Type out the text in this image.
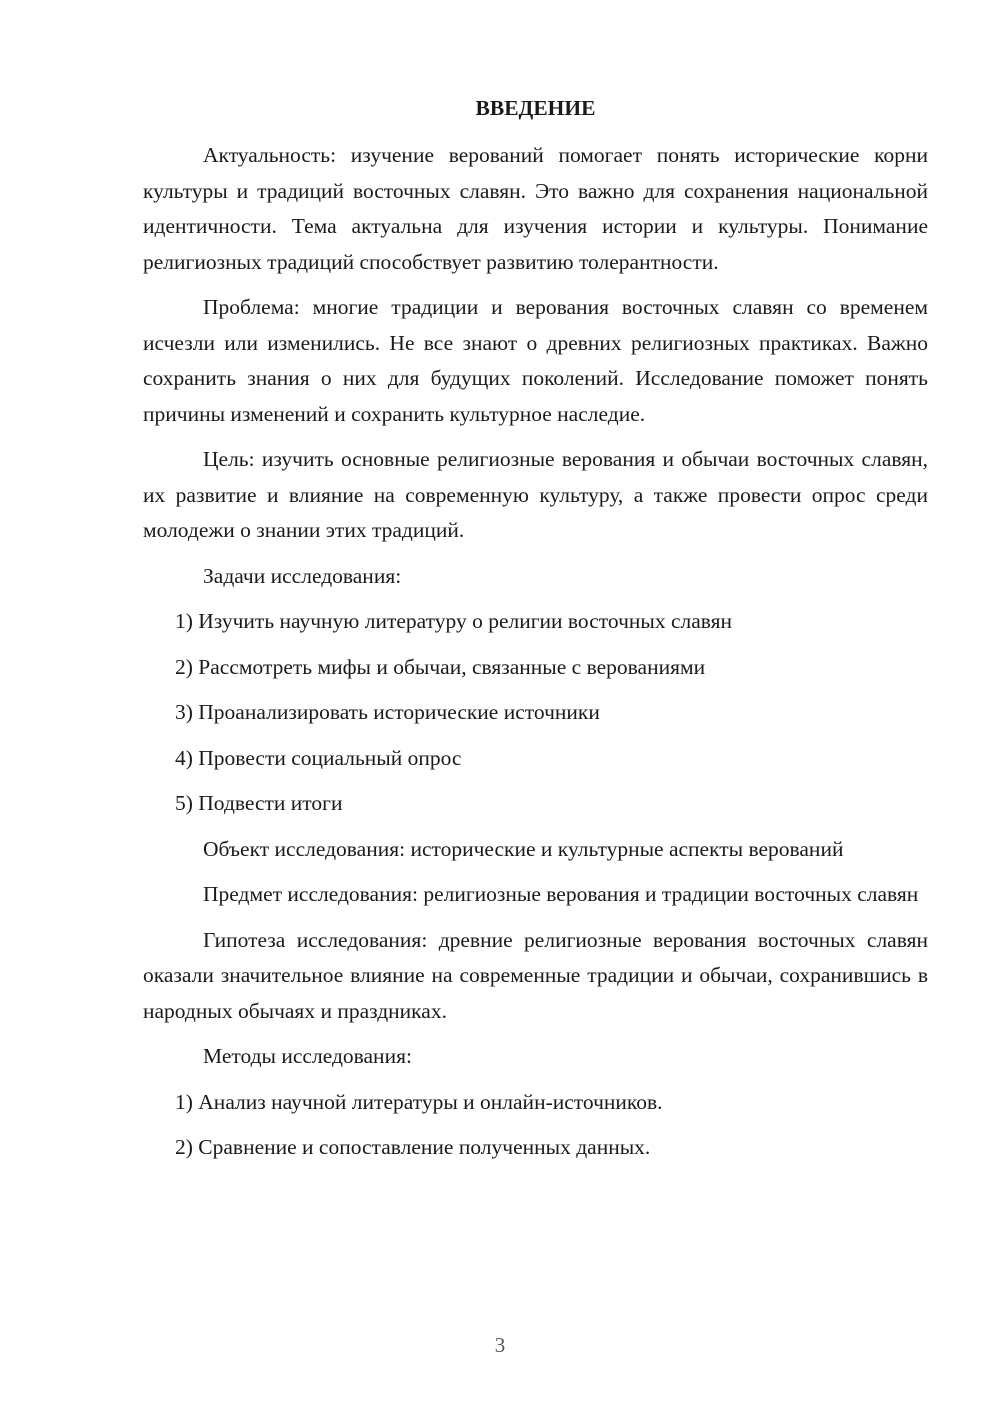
ВВЕДЕНИЕ

Актуальность: изучение верований помогает понять исторические корни культуры и традиций восточных славян. Это важно для сохранения национальной идентичности. Тема актуальна для изучения истории и культуры. Понимание религиозных традиций способствует развитию толерантности.

Проблема: многие традиции и верования восточных славян со временем исчезли или изменились. Не все знают о древних религиозных практиках. Важно сохранить знания о них для будущих поколений. Исследование поможет понять причины изменений и сохранить культурное наследие.

Цель: изучить основные религиозные верования и обычаи восточных славян, их развитие и влияние на современную культуру, а также провести опрос среди молодежи о знании этих традиций.

Задачи исследования:

1) Изучить научную литературу о религии восточных славян
2) Рассмотреть мифы и обычаи, связанные с верованиями
3) Проанализировать исторические источники
4) Провести социальный опрос
5) Подвести итоги

Объект исследования: исторические и культурные аспекты верований

Предмет исследования: религиозные верования и традиции восточных славян

Гипотеза исследования: древние религиозные верования восточных славян оказали значительное влияние на современные традиции и обычаи, сохранившись в народных обычаях и праздниках.

Методы исследования:

1) Анализ научной литературы и онлайн-источников.
2) Сравнение и сопоставление полученных данных.
3
